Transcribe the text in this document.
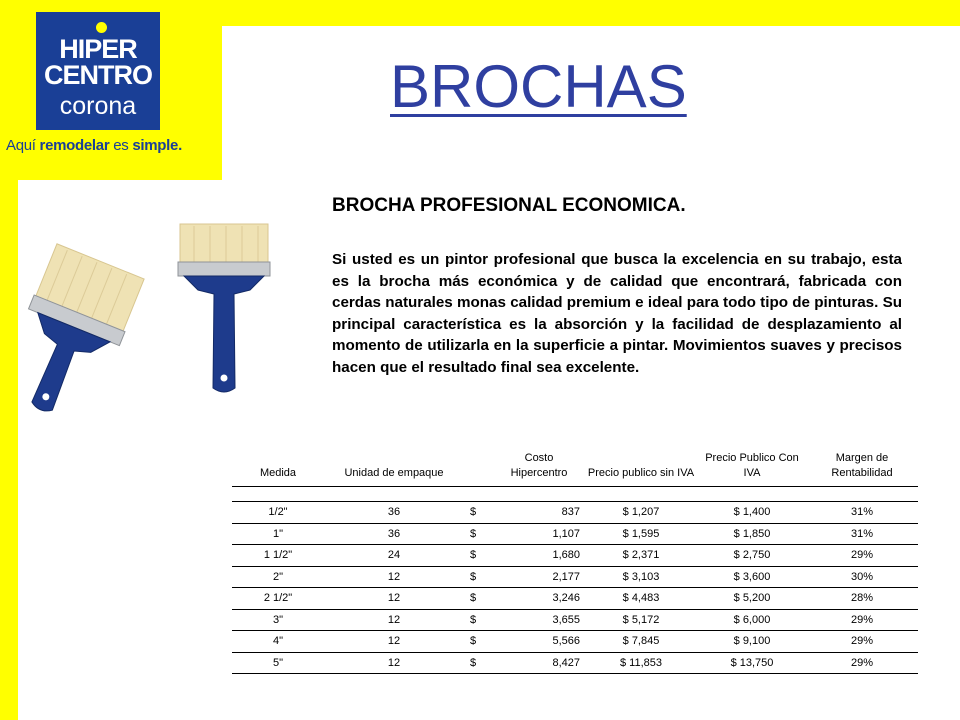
HIPER
CENTRO
corona
Aquí remodelar es simple.
BROCHAS
BROCHA PROFESIONAL ECONOMICA.

Si usted es un pintor profesional que busca la excelencia en su trabajo, esta es la brocha más económica y de calidad que encontrará, fabricada con cerdas naturales monas calidad premium e ideal para todo tipo de pinturas. Su principal característica es la absorción y la facilidad de desplazamiento al momento de utilizarla en la superficie a pintar. Movimientos suaves y precisos hacen que el resultado final sea excelente.

Medida	Unidad de empaque		Costo Hipercentro	Precio publico sin IVA	Precio Publico Con IVA	Margen de Rentabilidad

1/2"	36	$	837	$ 1,207	$ 1,400	31%
1"	36	$	1,107	$ 1,595	$ 1,850	31%
1 1/2"	24	$	1,680	$ 2,371	$ 2,750	29%
2"	12	$	2,177	$ 3,103	$ 3,600	30%
2 1/2"	12	$	3,246	$ 4,483	$ 5,200	28%
3"	12	$	3,655	$ 5,172	$ 6,000	29%
4"	12	$	5,566	$ 7,845	$ 9,100	29%
5"	12	$	8,427	$ 11,853	$ 13,750	29%
